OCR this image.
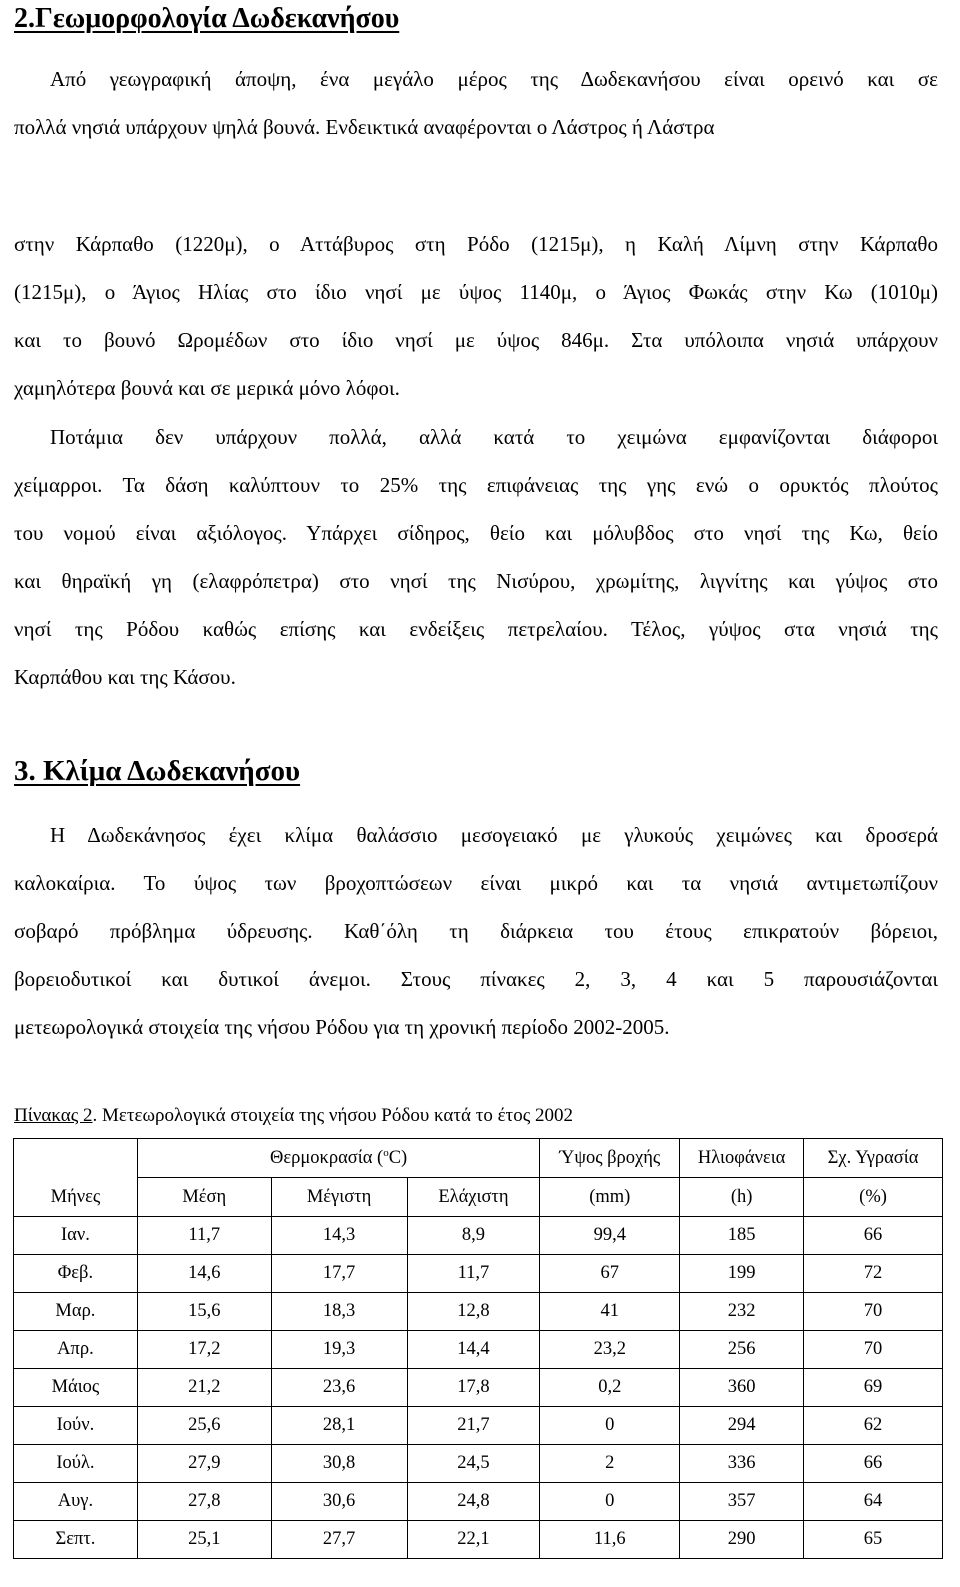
2.Γεωμορφολογία Δωδεκανήσου
Από γεωγραφική άποψη, ένα μεγάλο μέρος της Δωδεκανήσου είναι ορεινό και σε
πολλά νησιά υπάρχουν ψηλά βουνά. Ενδεικτικά αναφέρονται ο Λάστρος ή Λάστρα
στην Κάρπαθο (1220μ), ο Αττάβυρος στη Ρόδο (1215μ), η Καλή Λίμνη στην Κάρπαθο
(1215μ), ο Άγιος Ηλίας στο ίδιο νησί με ύψος 1140μ, ο Άγιος Φωκάς στην Κω (1010μ)
και το βουνό Ωρομέδων στο ίδιο νησί με ύψος 846μ. Στα υπόλοιπα νησιά υπάρχουν
χαμηλότερα βουνά και σε μερικά μόνο λόφοι.
Ποτάμια δεν υπάρχουν πολλά, αλλά κατά το χειμώνα εμφανίζονται διάφοροι
χείμαρροι. Τα δάση καλύπτουν το 25% της επιφάνειας της γης ενώ ο ορυκτός πλούτος
του νομού είναι αξιόλογος. Υπάρχει σίδηρος, θείο και μόλυβδος στο νησί της Κω, θείο
και θηραϊκή γη (ελαφρόπετρα) στο νησί της Νισύρου, χρωμίτης, λιγνίτης και γύψος στο
νησί της Ρόδου καθώς επίσης και ενδείξεις πετρελαίου. Τέλος, γύψος στα νησιά της
Καρπάθου και της Κάσου.
3. Κλίμα Δωδεκανήσου
Η Δωδεκάνησος έχει κλίμα θαλάσσιο μεσογειακό με γλυκούς χειμώνες και δροσερά
καλοκαίρια. Το ύψος των βροχοπτώσεων είναι μικρό και τα νησιά αντιμετωπίζουν
σοβαρό πρόβλημα ύδρευσης. Καθ΄όλη τη διάρκεια του έτους επικρατούν βόρειοι,
βορειοδυτικοί και δυτικοί άνεμοι. Στους πίνακες 2, 3, 4 και 5 παρουσιάζονται
μετεωρολογικά στοιχεία της νήσου Ρόδου για τη χρονική περίοδο 2002-2005.
Πίνακας 2. Μετεωρολογικά στοιχεία της νήσου Ρόδου κατά το έτος 2002
Μήνες	Θερμοκρασία ($^o$C)			Ύψος βροχής	Ηλιοφάνεια	Σχ. Υγρασία
	Μέση	Μέγιστη	Ελάχιστη	(mm)	(h)	(%)
Ιαν.	11,7	14,3	8,9	99,4	185	66
Φεβ.	14,6	17,7	11,7	67	199	72
Μαρ.	15,6	18,3	12,8	41	232	70
Απρ.	17,2	19,3	14,4	23,2	256	70
Μάιος	21,2	23,6	17,8	0,2	360	69
Ιούν.	25,6	28,1	21,7	0	294	62
Ιούλ.	27,9	30,8	24,5	2	336	66
Αυγ.	27,8	30,6	24,8	0	357	64
Σεπτ.	25,1	27,7	22,1	11,6	290	65
